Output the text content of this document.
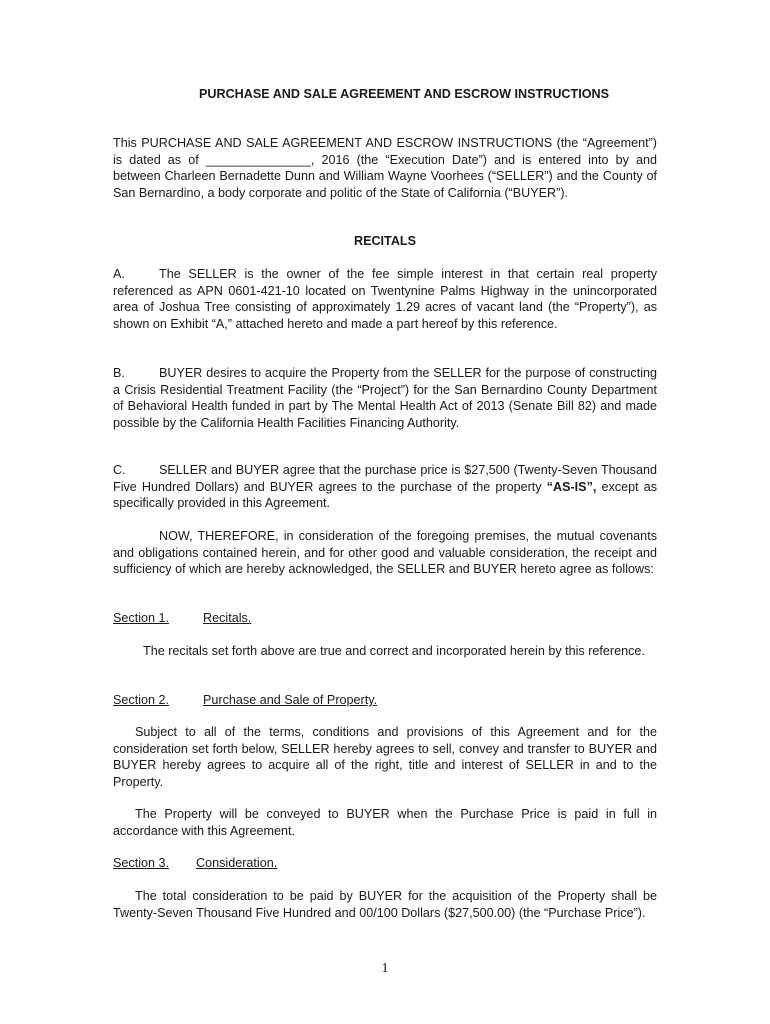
PURCHASE AND SALE AGREEMENT AND ESCROW INSTRUCTIONS

This PURCHASE AND SALE AGREEMENT AND ESCROW INSTRUCTIONS (the “Agreement”) is dated as of _______________, 2016 (the “Execution Date”) and is entered into by and between Charleen Bernadette Dunn and William Wayne Voorhees (“SELLER”) and the County of San Bernardino, a body corporate and politic of the State of California (“BUYER”).

RECITALS

A.	The SELLER is the owner of the fee simple interest in that certain real property referenced as APN 0601-421-10 located on Twentynine Palms Highway in the unincorporated area of Joshua Tree consisting of approximately 1.29 acres of vacant land (the “Property”), as shown on Exhibit “A,” attached hereto and made a part hereof by this reference.

B.	BUYER desires to acquire the Property from the SELLER for the purpose of constructing a Crisis Residential Treatment Facility (the “Project”) for the San Bernardino County Department of Behavioral Health funded in part by The Mental Health Act of 2013 (Senate Bill 82) and made possible by the California Health Facilities Financing Authority.

C.	SELLER and BUYER agree that the purchase price is $27,500 (Twenty-Seven Thousand Five Hundred Dollars) and BUYER agrees to the purchase of the property “AS-IS”, except as specifically provided in this Agreement.

NOW, THEREFORE, in consideration of the foregoing premises, the mutual covenants and obligations contained herein, and for other good and valuable consideration, the receipt and sufficiency of which are hereby acknowledged, the SELLER and BUYER hereto agree as follows:

Section 1.	Recitals.

The recitals set forth above are true and correct and incorporated herein by this reference.

Section 2.	Purchase and Sale of Property.

Subject to all of the terms, conditions and provisions of this Agreement and for the consideration set forth below, SELLER hereby agrees to sell, convey and transfer to BUYER and BUYER hereby agrees to acquire all of the right, title and interest of SELLER in and to the Property.

The Property will be conveyed to BUYER when the Purchase Price is paid in full in accordance with this Agreement.

Section 3. Consideration.

The total consideration to be paid by BUYER for the acquisition of the Property shall be Twenty-Seven Thousand Five Hundred and 00/100 Dollars ($27,500.00) (the “Purchase Price”).

1
